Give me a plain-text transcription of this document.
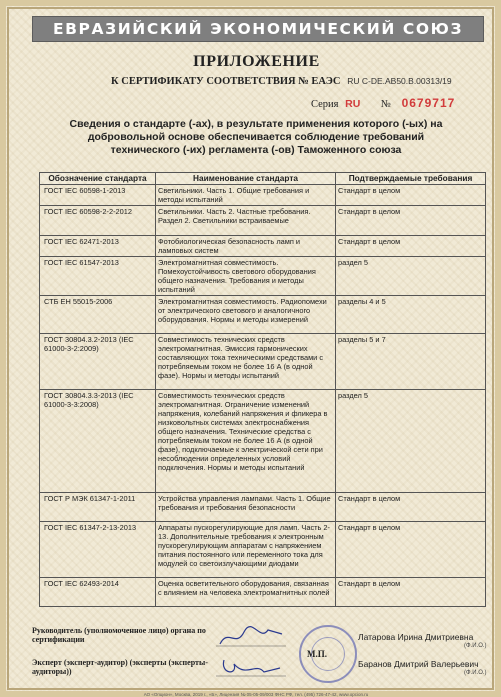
ЕВРАЗИЙСКИЙ ЭКОНОМИЧЕСКИЙ СОЮЗ
ПРИЛОЖЕНИЕ
К СЕРТИФИКАТУ СООТВЕТСТВИЯ № ЕАЭС RU C-DE.AB50.B.00313/19
Серия RU № 0679717
Сведения о стандарте (-ах), в результате применения которого (-ых) на добровольной основе обеспечивается соблюдение требований технического (-их) регламента (-ов) Таможенного союза
Обозначение стандарта	Наименование стандарта	Подтверждаемые требования
ГОСТ IEC 60598-1-2013	Светильники. Часть 1. Общие требования и методы испытаний	Стандарт в целом
ГОСТ IEC 60598-2-2-2012	Светильники. Часть 2. Частные требования. Раздел 2. Светильники встраиваемые	Стандарт в целом
ГОСТ IEC 62471-2013	Фотобиологическая безопасность ламп и ламповых систем	Стандарт в целом
ГОСТ IEC 61547-2013	Электромагнитная совместимость. Помехоустойчивость светового оборудования общего назначения. Требования и методы испытаний	раздел 5
СТБ ЕН 55015-2006	Электромагнитная совместимость. Радиопомехи от электрического светового и аналогичного оборудования. Нормы и методы измерений	разделы 4 и 5
ГОСТ 30804.3.2-2013 (IEC 61000-3-2:2009)	Совместимость технических средств электромагнитная. Эмиссия гармонических составляющих тока техническими средствами с потребляемым током не более 16 А (в одной фазе). Нормы и методы испытаний	разделы 5 и 7
ГОСТ 30804.3.3-2013 (IEC 61000-3-3:2008)	Совместимость технических средств электромагнитная. Ограничение изменений напряжения, колебаний напряжения и фликера в низковольтных системах электроснабжения общего назначения. Технические средства с потребляемым током не более 16 А (в одной фазе), подключаемые к электрической сети при несоблюдении определенных условий подключения. Нормы и методы испытаний	раздел 5
ГОСТ Р МЭК 61347-1-2011	Устройства управления лампами. Часть 1. Общие требования и требования безопасности	Стандарт в целом
ГОСТ IEC 61347-2-13-2013	Аппараты пускорегулирующие для ламп. Часть 2-13. Дополнительные требования к электронным пускорегулирующим аппаратам с напряжением питания постоянного или переменного тока для модулей со светоизлучающими диодами	Стандарт в целом
ГОСТ IEC 62493-2014	Оценка осветительного оборудования, связанная с влиянием на человека электромагнитных полей	Стандарт в целом
Руководитель (уполномоченное лицо) органа по сертификации	Латарова Ирина Дмитриевна
(Ф.И.О.)
Эксперт (эксперт-аудитор) (эксперты (эксперты-аудиторы))
Баранов Дмитрий Валерьевич
(Ф.И.О.)
М.П.
АО «Опцион», Москва, 2019 г., «Б», Лицензия № 05-05-09/003 ФНС РФ, тел. (495) 726-47-42, www.opcion.ru
